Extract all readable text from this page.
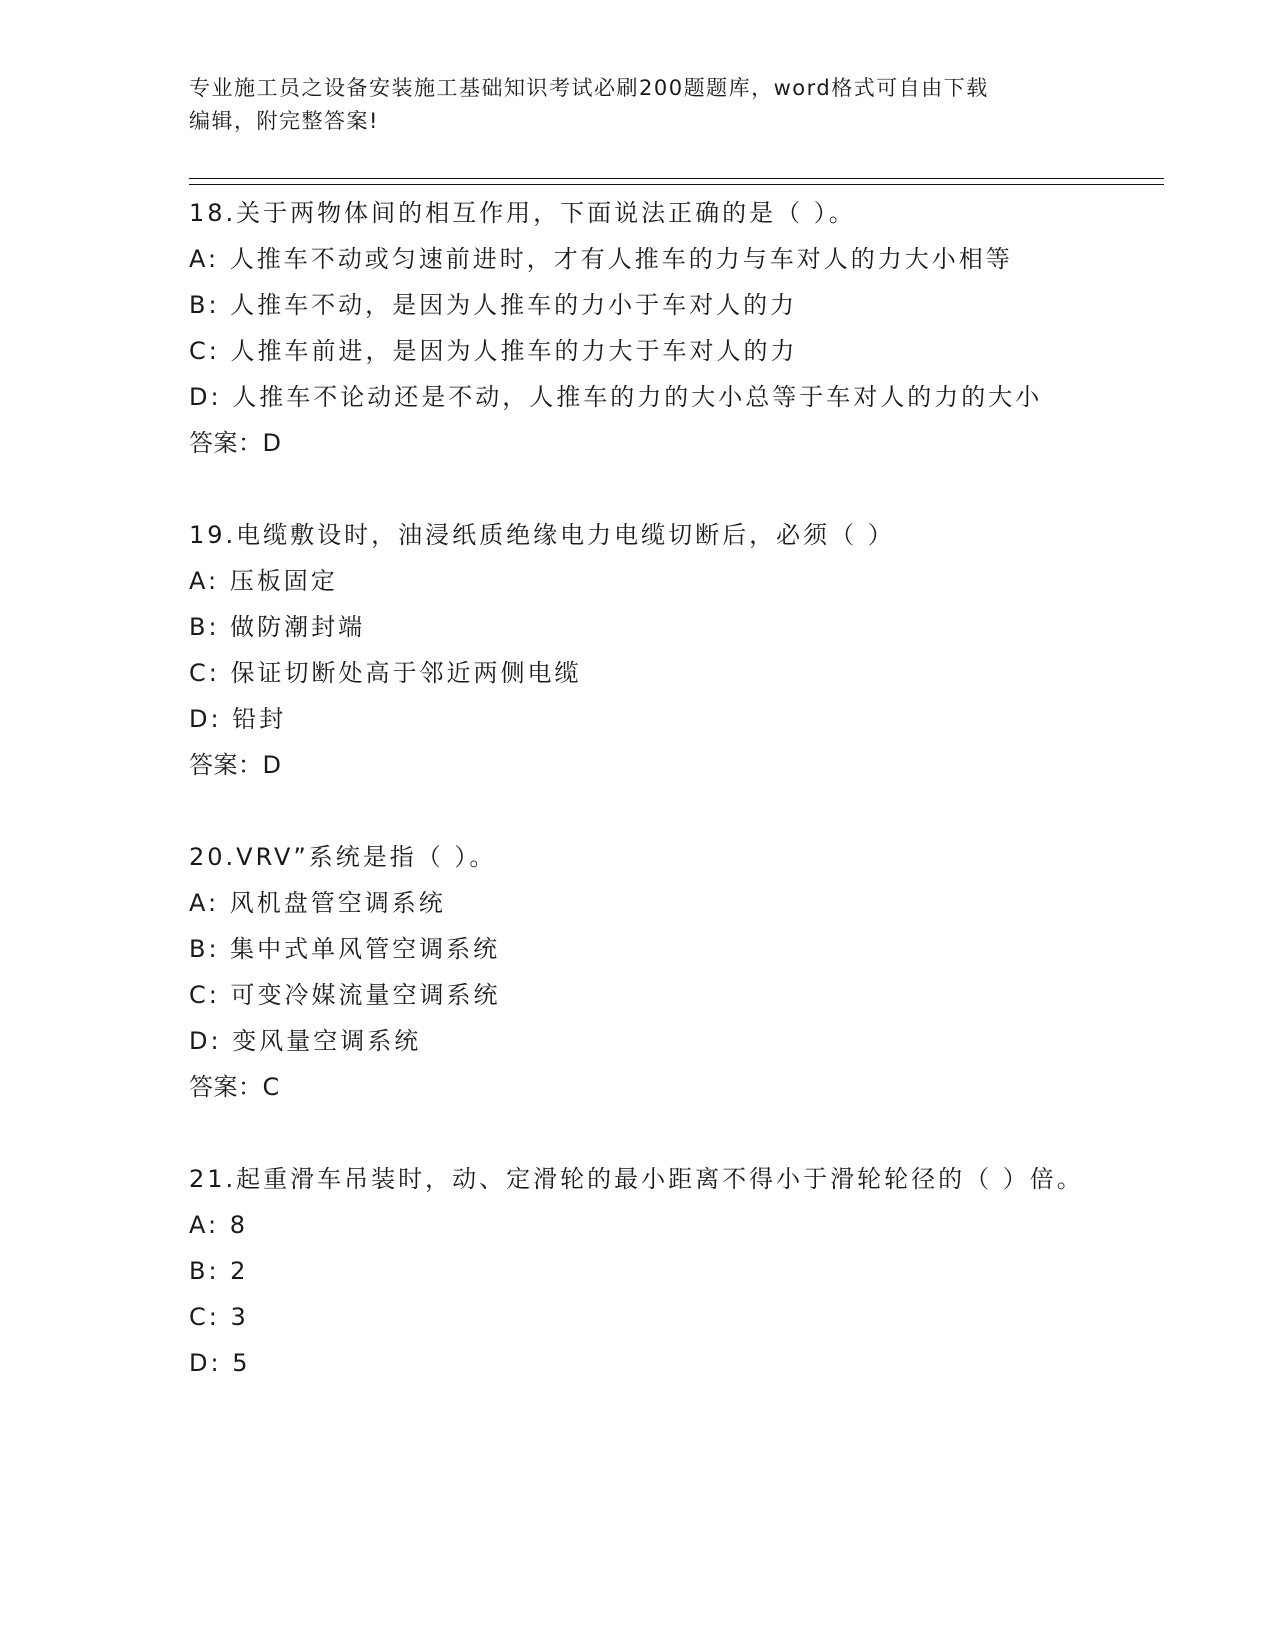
专业施工员之设备安装施工基础知识考试必刷200题题库，word格式可自由下载
编辑，附完整答案!
18.关于两物体间的相互作用，下面说法正确的是（ ）。
A: 人推车不动或匀速前进时，才有人推车的力与车对人的力大小相等
B: 人推车不动，是因为人推车的力小于车对人的力
C: 人推车前进，是因为人推车的力大于车对人的力
D: 人推车不论动还是不动，人推车的力的大小总等于车对人的力的大小
答案：D
19.电缆敷设时，油浸纸质绝缘电力电缆切断后，必须（ ）
A: 压板固定
B: 做防潮封端
C: 保证切断处高于邻近两侧电缆
D: 铅封
答案：D
20.VRV”系统是指（ ）。
A: 风机盘管空调系统
B: 集中式单风管空调系统
C: 可变冷媒流量空调系统
D: 变风量空调系统
答案：C
21.起重滑车吊装时，动、定滑轮的最小距离不得小于滑轮轮径的（ ）倍。
A: 8
B: 2
C: 3
D: 5
